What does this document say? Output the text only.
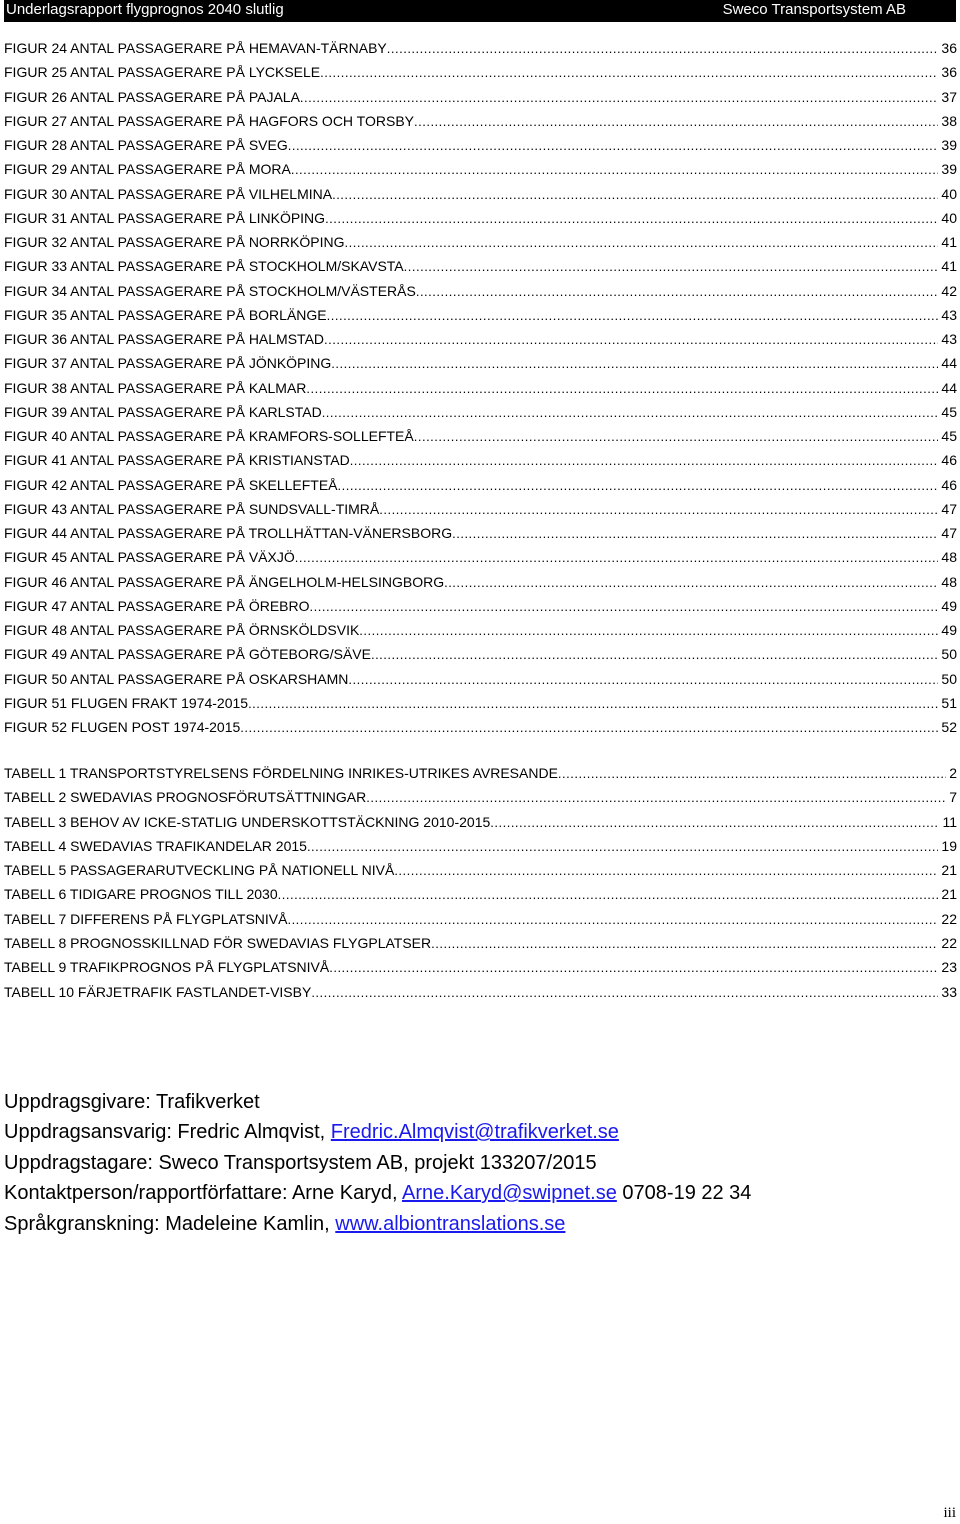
Underlagsrapport flygprognos 2040 slutlig	Sweco Transportsystem AB
FIGUR 24 ANTAL PASSAGERARE PÅ HEMAVAN-TÄRNABY .....	36
FIGUR 25 ANTAL PASSAGERARE PÅ LYCKSELE .....	36
FIGUR 26 ANTAL PASSAGERARE PÅ PAJALA .....	37
FIGUR 27 ANTAL PASSAGERARE PÅ HAGFORS OCH TORSBY .....	38
FIGUR 28 ANTAL PASSAGERARE PÅ SVEG .....	39
FIGUR 29 ANTAL PASSAGERARE PÅ MORA .....	39
FIGUR 30 ANTAL PASSAGERARE PÅ VILHELMINA .....	40
FIGUR 31 ANTAL PASSAGERARE PÅ LINKÖPING .....	40
FIGUR 32 ANTAL PASSAGERARE PÅ NORRKÖPING .....	41
FIGUR 33 ANTAL PASSAGERARE PÅ STOCKHOLM/SKAVSTA .....	41
FIGUR 34 ANTAL PASSAGERARE PÅ STOCKHOLM/VÄSTERÅS .....	42
FIGUR 35 ANTAL PASSAGERARE PÅ BORLÄNGE .....	43
FIGUR 36 ANTAL PASSAGERARE PÅ HALMSTAD .....	43
FIGUR 37 ANTAL PASSAGERARE PÅ JÖNKÖPING .....	44
FIGUR 38 ANTAL PASSAGERARE PÅ KALMAR .....	44
FIGUR 39 ANTAL PASSAGERARE PÅ KARLSTAD .....	45
FIGUR 40 ANTAL PASSAGERARE PÅ KRAMFORS-SOLLEFTEÅ .....	45
FIGUR 41 ANTAL PASSAGERARE PÅ KRISTIANSTAD .....	46
FIGUR 42 ANTAL PASSAGERARE PÅ SKELLEFTEÅ .....	46
FIGUR 43 ANTAL PASSAGERARE PÅ SUNDSVALL-TIMRÅ .....	47
FIGUR 44 ANTAL PASSAGERARE PÅ TROLLHÄTTAN-VÄNERSBORG .....	47
FIGUR 45 ANTAL PASSAGERARE PÅ VÄXJÖ .....	48
FIGUR 46 ANTAL PASSAGERARE PÅ ÄNGELHOLM-HELSINGBORG .....	48
FIGUR 47 ANTAL PASSAGERARE PÅ ÖREBRO .....	49
FIGUR 48 ANTAL PASSAGERARE PÅ ÖRNSKÖLDSVIK .....	49
FIGUR 49 ANTAL PASSAGERARE PÅ GÖTEBORG/SÄVE .....	50
FIGUR 50 ANTAL PASSAGERARE PÅ OSKARSHAMN .....	50
FIGUR 51 FLUGEN FRAKT 1974-2015 .....	51
FIGUR 52 FLUGEN POST 1974-2015 .....	52
TABELL 1 TRANSPORTSTYRELSENS FÖRDELNING INRIKES-UTRIKES AVRESANDE .....	2
TABELL 2 SWEDAVIAS PROGNOSFÖRUTSÄTTNINGAR .....	7
TABELL 3 BEHOV AV ICKE-STATLIG UNDERSKOTTSTÄCKNING 2010-2015 .....	11
TABELL 4 SWEDAVIAS TRAFIKANDELAR 2015 .....	19
TABELL 5 PASSAGERARUTVECKLING PÅ NATIONELL NIVÅ .....	21
TABELL 6 TIDIGARE PROGNOS TILL 2030 .....	21
TABELL 7 DIFFERENS PÅ FLYGPLATSNIVÅ .....	22
TABELL 8 PROGNOSSKILLNAD FÖR SWEDAVIAS FLYGPLATSER .....	22
TABELL 9 TRAFIKPROGNOS PÅ FLYGPLATSNIVÅ .....	23
TABELL 10 FÄRJETRAFIK FASTLANDET-VISBY .....	33
Uppdragsgivare: Trafikverket
Uppdragsansvarig: Fredric Almqvist, Fredric.Almqvist@trafikverket.se
Uppdragstagare: Sweco Transportsystem AB, projekt 133207/2015
Kontaktperson/rapportförfattare: Arne Karyd, Arne.Karyd@swipnet.se 0708-19 22 34
Språkgranskning: Madeleine Kamlin, www.albiontranslations.se
iii
